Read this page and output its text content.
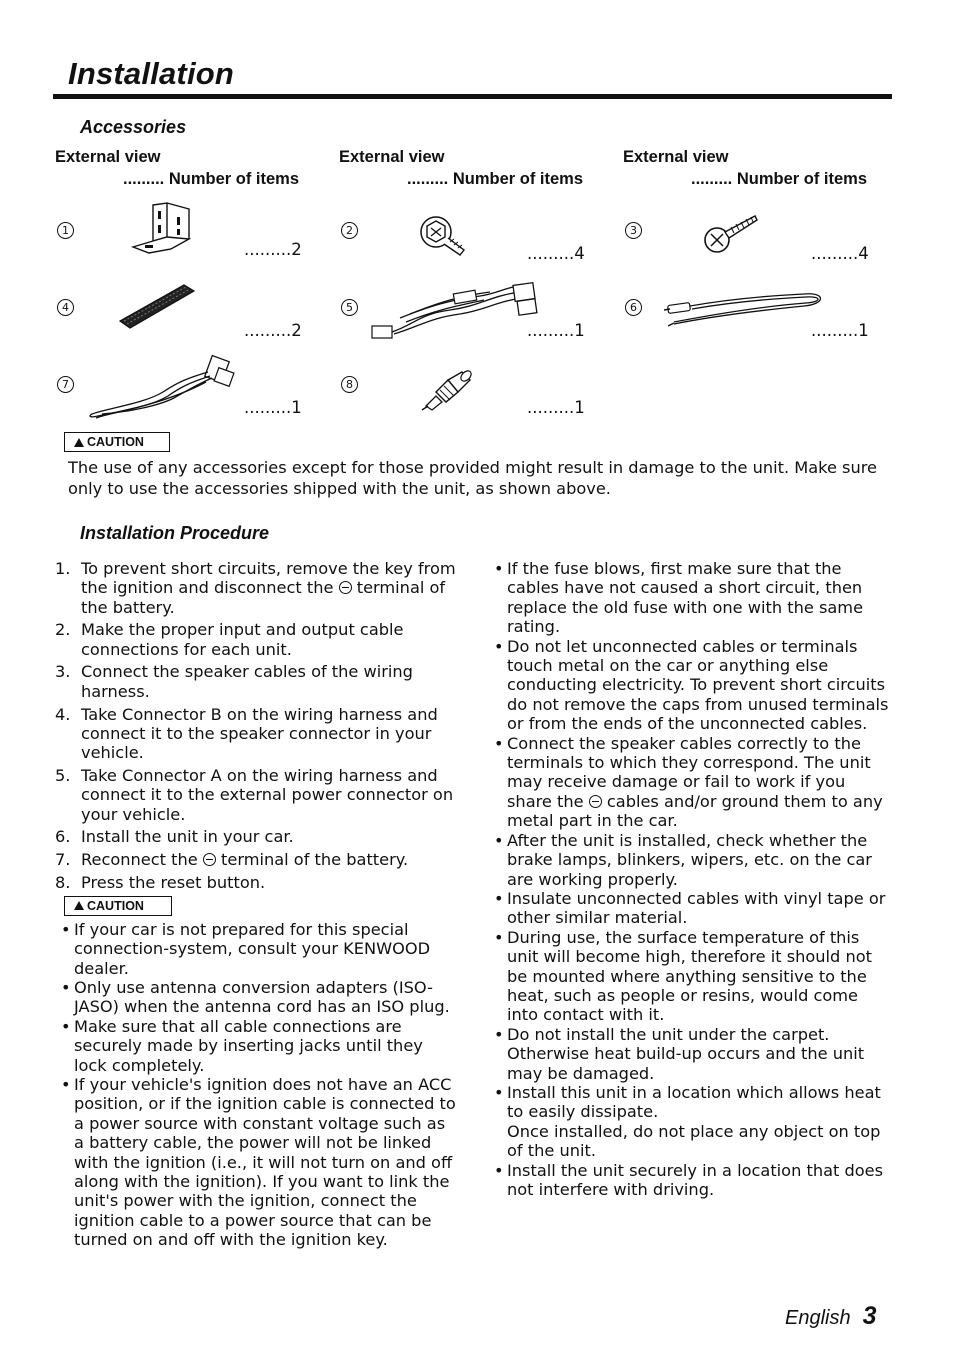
Installation
Accessories
External view
......... Number of items
External view
......... Number of items
External view
......... Number of items
1
.........2
2
.........4
3
.........4
4
.........2
5
.........1
6
.........1
7
.........1
8
.........1
CAUTION
The use of any accessories except for those provided might result in damage to the unit. Make sure only to use the accessories shipped with the unit, as shown above.
Installation Procedure
1. To prevent short circuits, remove the key from the ignition and disconnect the  terminal of the battery.
2. Make the proper input and output cable connections for each unit.
3. Connect the speaker cables of the wiring harness.
4. Take Connector B on the wiring harness and connect it to the speaker connector in your vehicle.
5. Take Connector A on the wiring harness and connect it to the external power connector on your vehicle.
6. Install the unit in your car.
7. Reconnect the  terminal of the battery.
8. Press the reset button.
CAUTION
• If your car is not prepared for this special connection-system, consult your KENWOOD dealer.
• Only use antenna conversion adapters (ISO-JASO) when the antenna cord has an ISO plug.
• Make sure that all cable connections are securely made by inserting jacks until they lock completely.
• If your vehicle's ignition does not have an ACC position, or if the ignition cable is connected to a power source with constant voltage such as a battery cable, the power will not be linked with the ignition (i.e., it will not turn on and off along with the ignition). If you want to link the unit's power with the ignition, connect the ignition cable to a power source that can be turned on and off with the ignition key.
• If the fuse blows, first make sure that the cables have not caused a short circuit, then replace the old fuse with one with the same rating.
• Do not let unconnected cables or terminals touch metal on the car or anything else conducting electricity. To prevent short circuits do not remove the caps from unused terminals or from the ends of the unconnected cables.
• Connect the speaker cables correctly to the terminals to which they correspond. The unit may receive damage or fail to work if you share the  cables and/or ground them to any metal part in the car.
• After the unit is installed, check whether the brake lamps, blinkers, wipers, etc. on the car are working properly.
• Insulate unconnected cables with vinyl tape or other similar material.
• During use, the surface temperature of this unit will become high, therefore it should not be mounted where anything sensitive to the heat, such as people or resins, would come into contact with it.
• Do not install the unit under the carpet. Otherwise heat build-up occurs and the unit may be damaged.
• Install this unit in a location which allows heat to easily dissipate.
Once installed, do not place any object on top of the unit.
• Install the unit securely in a location that does not interfere with driving.
English 3
